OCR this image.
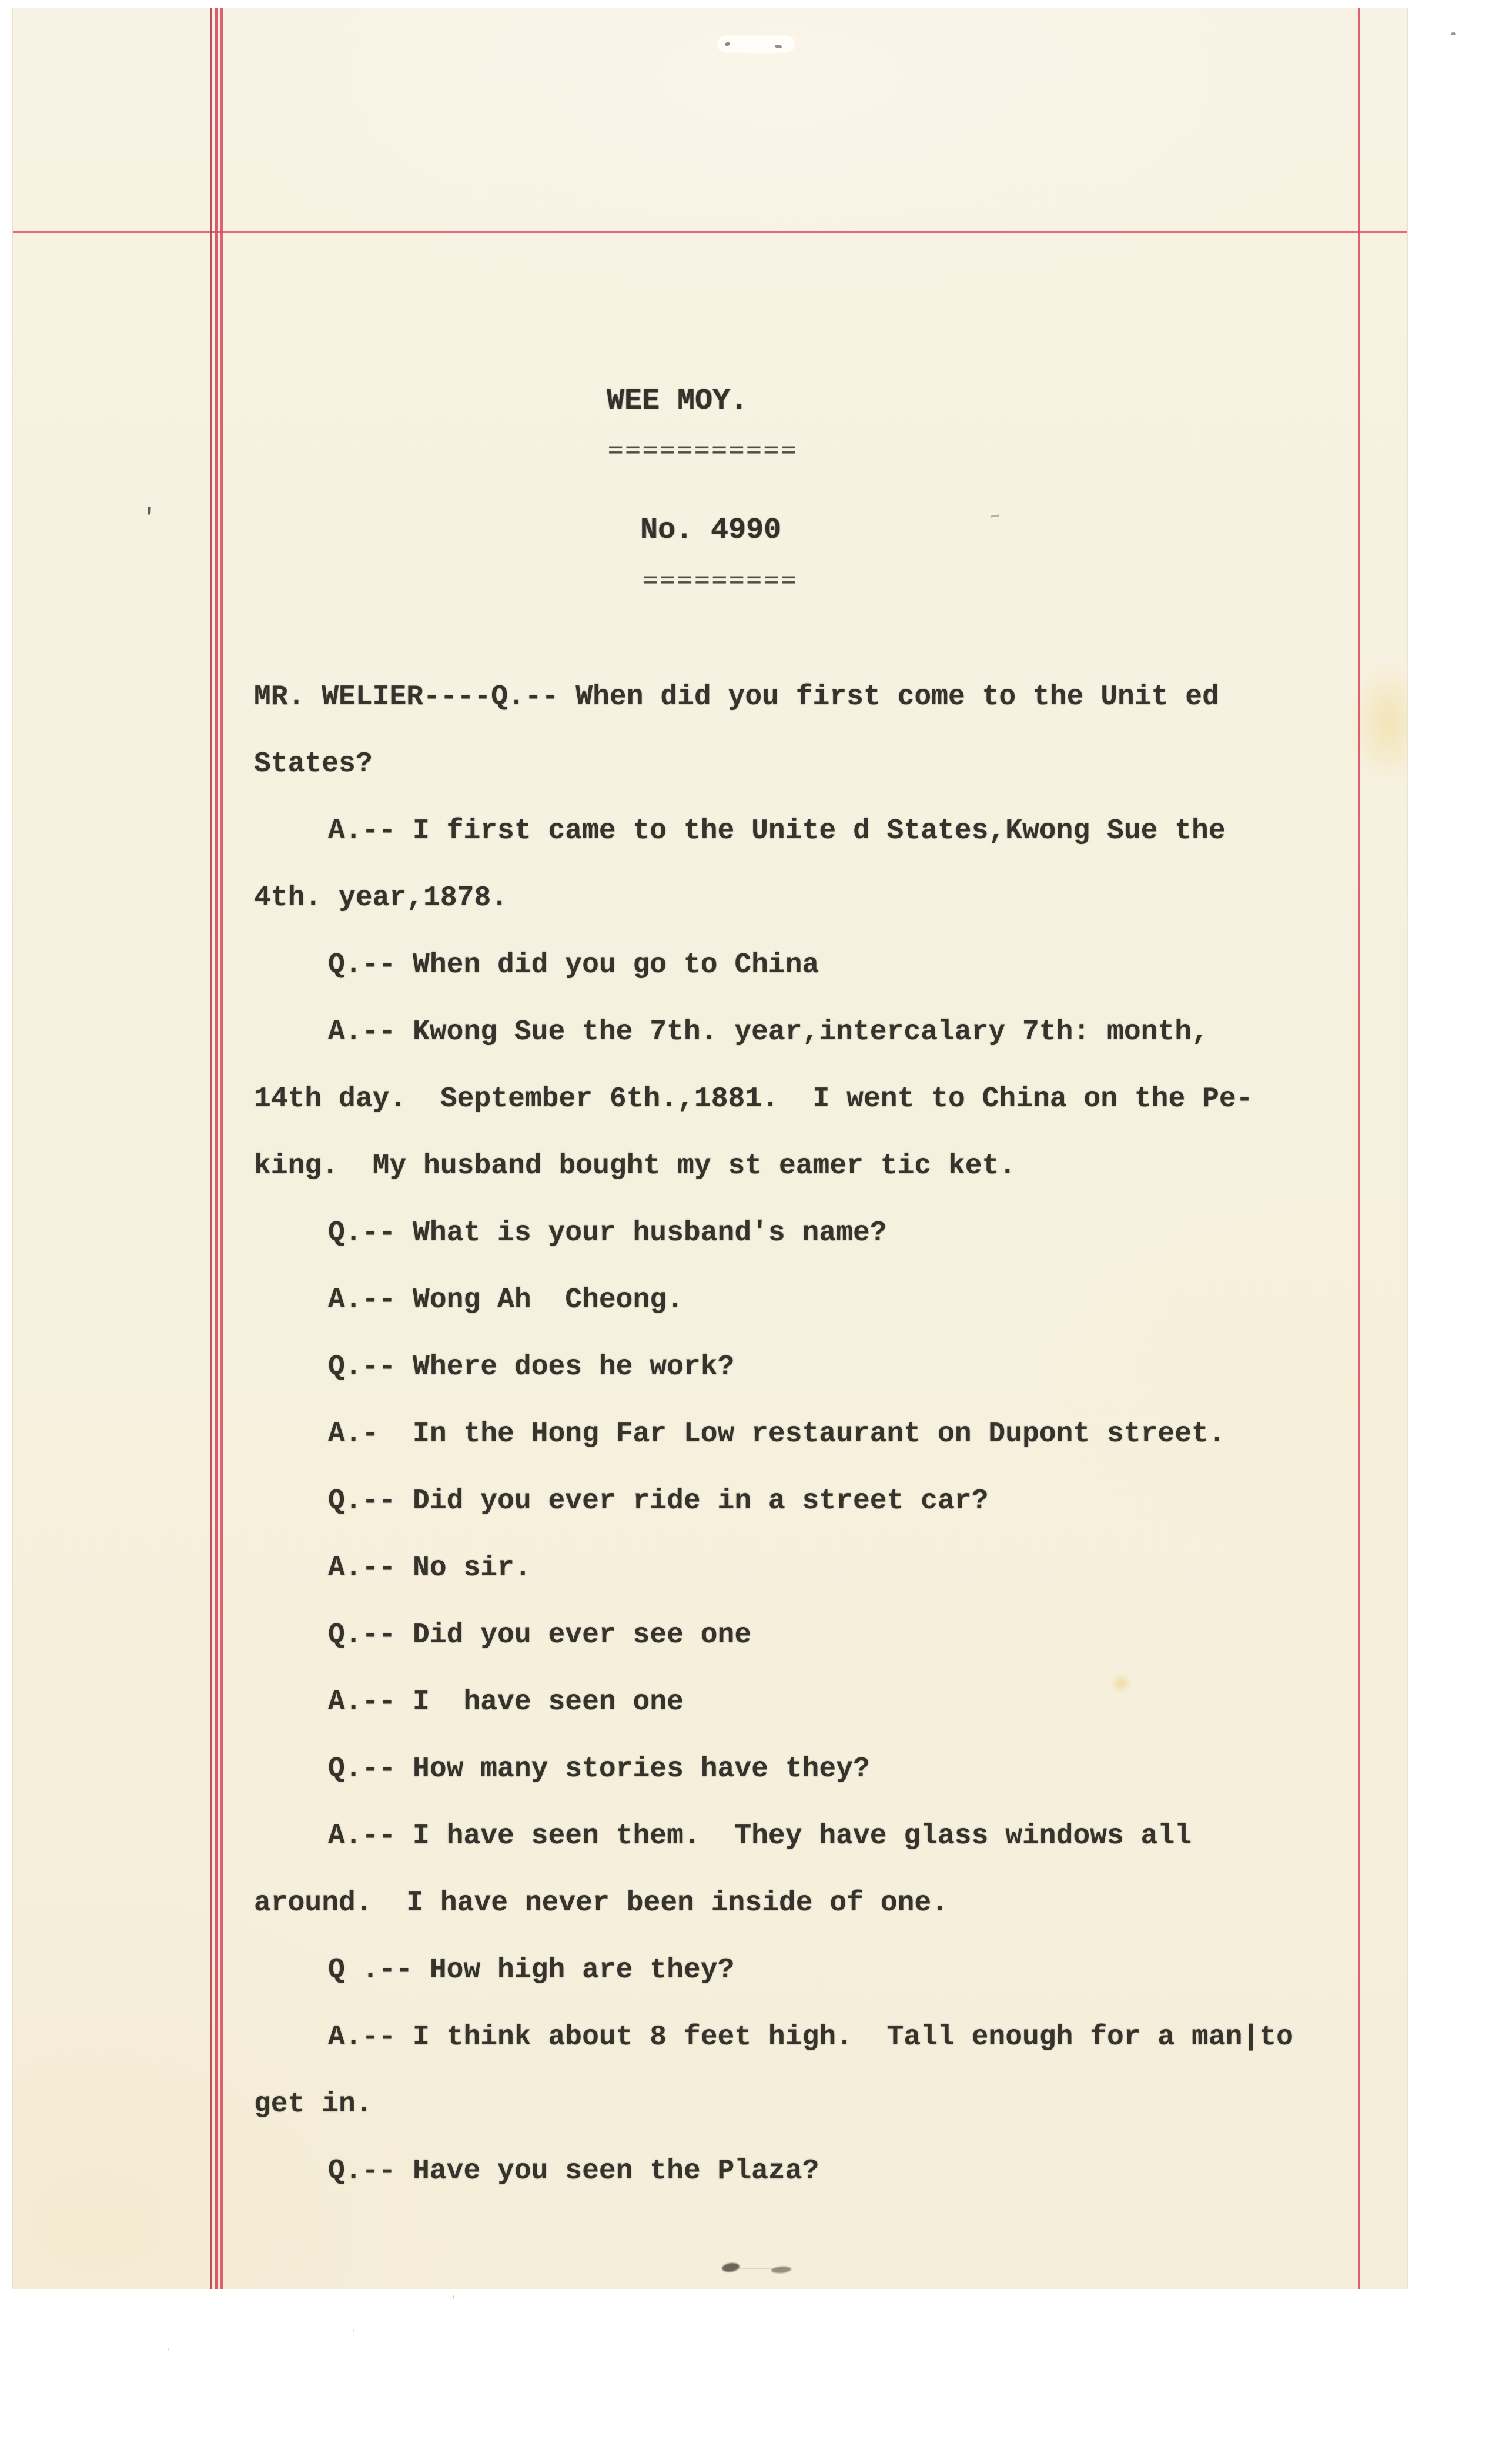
WEE MOY.
===========
No. 4990
=========
MR. WELIER----Q.-- When did you first come to the Unit ed
States?
A.-- I first came to the Unite d States,Kwong Sue the
4th. year,1878.
Q.-- When did you go to China
A.-- Kwong Sue the 7th. year,intercalary 7th: month,
14th day.  September 6th.,1881.  I went to China on the Pe-
king.  My husband bought my st eamer tic ket.
Q.-- What is your husband's name?
A.-- Wong Ah  Cheong.
Q.-- Where does he work?
A.-  In the Hong Far Low restaurant on Dupont street.
Q.-- Did you ever ride in a street car?
A.-- No sir.
Q.-- Did you ever see one
A.-- I  have seen one
Q.-- How many stories have they?
A.-- I have seen them.  They have glass windows all
around.  I have never been inside of one.
Q .-- How high are they?
A.-- I think about 8 feet high.  Tall enough for a man|to
get in.
Q.-- Have you seen the Plaza?
'	~
